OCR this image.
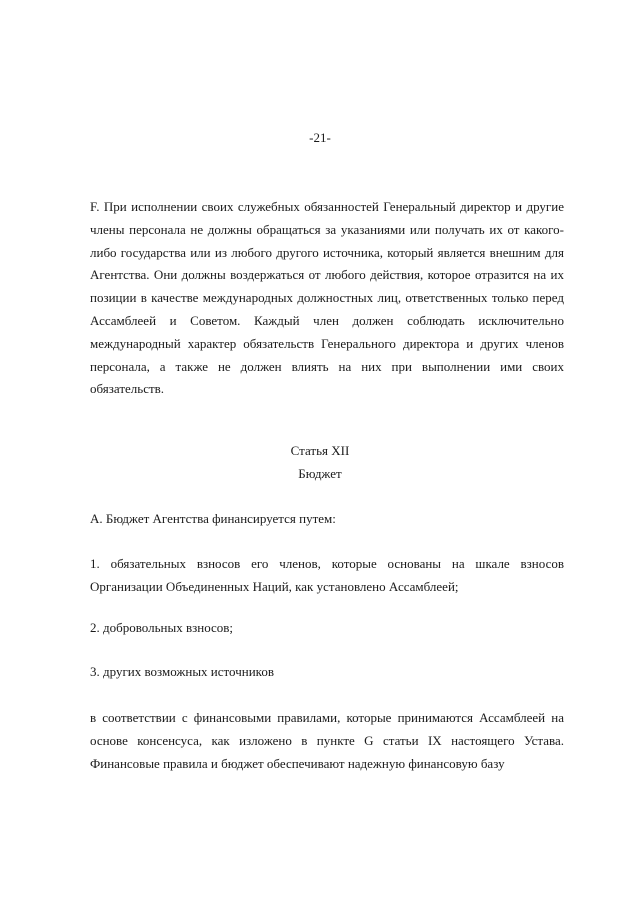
-21-
F. При исполнении своих служебных обязанностей Генеральный директор и другие
члены персонала не должны обращаться за указаниями или получать их от какого-
либо государства или из любого другого источника, который является внешним для
Агентства. Они должны воздержаться от любого действия, которое отразится на их
позиции в качестве международных должностных лиц, ответственных только перед
Ассамблеей и Советом. Каждый член должен соблюдать исключительно
международный характер обязательств Генерального директора и других членов
персонала, а также не должен влиять на них при выполнении ими своих
обязательств.
Статья XII
Бюджет
А. Бюджет Агентства финансируется путем:
1. обязательных взносов его членов, которые основаны на шкале взносов
Организации Объединенных Наций, как установлено Ассамблеей;
2. добровольных взносов;
3. других возможных источников
в соответствии с финансовыми правилами, которые принимаются Ассамблеей на
основе консенсуса, как изложено в пункте G статьи IX настоящего Устава.
Финансовые правила и бюджет обеспечивают надежную финансовую базу
